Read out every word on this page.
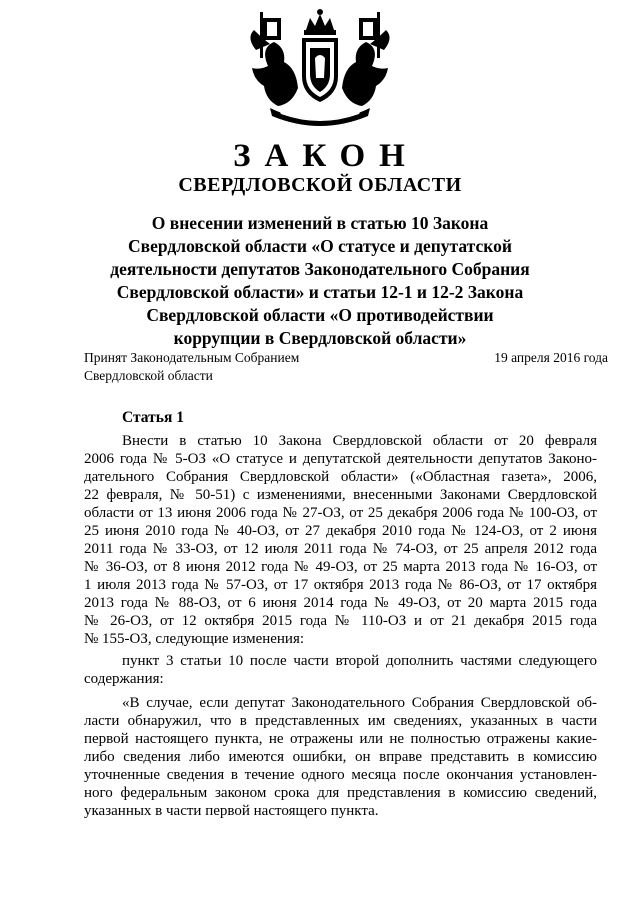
ЗАКОН
СВЕРДЛОВСКОЙ ОБЛАСТИ
О внесении изменений в статью 10 Закона
Свердловской области «О статусе и депутатской
деятельности депутатов Законодательного Собрания
Свердловской области» и статьи 12-1 и 12-2 Закона
Свердловской области «О противодействии
коррупции в Свердловской области»
Принят Законодательным Собранием
Свердловской области
19 апреля 2016 года
Статья 1
Внести в статью 10 Закона Свердловской области от 20 февраля
2006 года № 5-ОЗ «О статусе и депутатской деятельности депутатов Законо-
дательного Собрания Свердловской области» («Областная газета», 2006,
22 февраля, № 50-51) с изменениями, внесенными Законами Свердловской
области от 13 июня 2006 года № 27-ОЗ, от 25 декабря 2006 года № 100-ОЗ, от
25 июня 2010 года № 40-ОЗ, от 27 декабря 2010 года № 124-ОЗ, от 2 июня
2011 года № 33-ОЗ, от 12 июля 2011 года № 74-ОЗ, от 25 апреля 2012 года
№ 36-ОЗ, от 8 июня 2012 года № 49-ОЗ, от 25 марта 2013 года № 16-ОЗ, от
1 июля 2013 года № 57-ОЗ, от 17 октября 2013 года № 86-ОЗ, от 17 октября
2013 года № 88-ОЗ, от 6 июня 2014 года № 49-ОЗ, от 20 марта 2015 года
№ 26-ОЗ, от 12 октября 2015 года № 110-ОЗ и от 21 декабря 2015 года
№ 155-ОЗ, следующие изменения:
пункт 3 статьи 10 после части второй дополнить частями следующего
содержания:
«В случае, если депутат Законодательного Собрания Свердловской об-
ласти обнаружил, что в представленных им сведениях, указанных в части
первой настоящего пункта, не отражены или не полностью отражены какие-
либо сведения либо имеются ошибки, он вправе представить в комиссию
уточненные сведения в течение одного месяца после окончания установлен-
ного федеральным законом срока для представления в комиссию сведений,
указанных в части первой настоящего пункта.
